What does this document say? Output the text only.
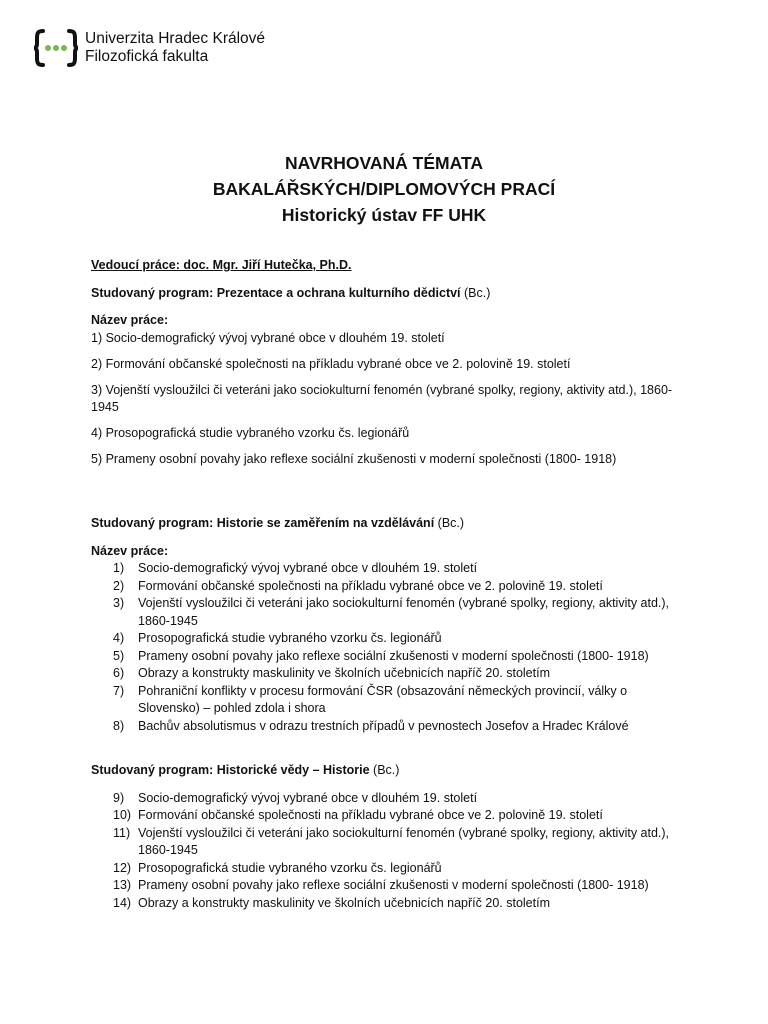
Univerzita Hradec Králové
Filozofická fakulta
NAVRHOVANÁ TÉMATA
BAKALÁŘSKÝCH/DIPLOMOVÝCH PRACÍ
Historický ústav FF UHK

Vedoucí práce: doc. Mgr. Jiří Hutečka, Ph.D.

Studovaný program: Prezentace a ochrana kulturního dědictví (Bc.)

Název práce:

1) Socio-demografický vývoj vybrané obce v dlouhém 19. století

2) Formování občanské společnosti na příkladu vybrané obce ve 2. polovině 19. století

3) Vojenští vysloužilci či veteráni jako sociokulturní fenomén (vybrané spolky, regiony, aktivity atd.), 1860-1945

4) Prosopografická studie vybraného vzorku čs. legionářů

5) Prameny osobní povahy jako reflexe sociální zkušenosti v moderní společnosti (1800- 1918)

Studovaný program: Historie se zaměřením na vzdělávání (Bc.)

Název práce:

1) Socio-demografický vývoj vybrané obce v dlouhém 19. století
2) Formování občanské společnosti na příkladu vybrané obce ve 2. polovině 19. století
3) Vojenští vysloužilci či veteráni jako sociokulturní fenomén (vybrané spolky, regiony, aktivity atd.), 1860-1945
4) Prosopografická studie vybraného vzorku čs. legionářů
5) Prameny osobní povahy jako reflexe sociální zkušenosti v moderní společnosti (1800- 1918)
6) Obrazy a konstrukty maskulinity ve školních učebnicích napříč 20. stoletím
7) Pohraniční konflikty v procesu formování ČSR (obsazování německých provincií, války o Slovensko) – pohled zdola i shora
8) Bachův absolutismus v odrazu trestních případů v pevnostech Josefov a Hradec Králové

Studovaný program: Historické vědy – Historie (Bc.)

9) Socio-demografický vývoj vybrané obce v dlouhém 19. století
10) Formování občanské společnosti na příkladu vybrané obce ve 2. polovině 19. století
11) Vojenští vysloužilci či veteráni jako sociokulturní fenomén (vybrané spolky, regiony, aktivity atd.), 1860-1945
12) Prosopografická studie vybraného vzorku čs. legionářů
13) Prameny osobní povahy jako reflexe sociální zkušenosti v moderní společnosti (1800- 1918)
14) Obrazy a konstrukty maskulinity ve školních učebnicích napříč 20. stoletím
